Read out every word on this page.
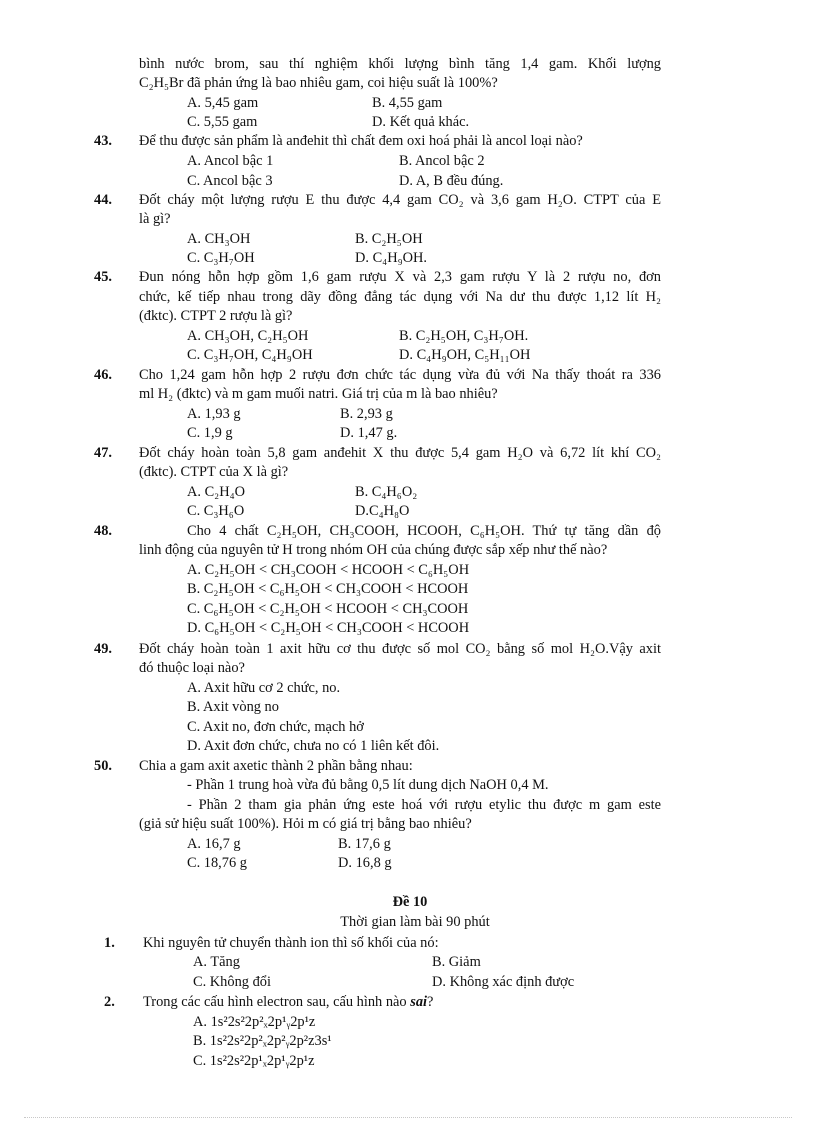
bình nước brom, sau thí nghiệm khối lượng bình tăng 1,4 gam. Khối lượng
C₂H₅Br đã phản ứng là bao nhiêu gam, coi hiệu suất là 100%?
A. 5,45 gam	B. 4,55 gam
C. 5,55 gam	D. Kết quả khác.
43. Để thu được sản phẩm là anđehit thì chất đem oxi hoá phải là ancol loại nào?
A. Ancol bậc 1	B. Ancol bậc 2
C. Ancol bậc 3	D. A, B đều đúng.
44. Đốt cháy một lượng rượu E thu được 4,4 gam CO₂ và 3,6 gam H₂O. CTPT của E
là gì?
A. CH₃OH	B. C₂H₅OH
C. C₃H₇OH	D. C₄H₉OH.
45. Đun nóng hỗn hợp gồm 1,6 gam rượu X và 2,3 gam rượu Y là 2 rượu no, đơn
chức, kế tiếp nhau trong dãy đồng đẳng tác dụng với Na dư thu được 1,12 lít H₂
(đktc). CTPT 2 rượu là gì?
A. CH₃OH, C₂H₅OH	B. C₂H₅OH, C₃H₇OH.
C. C₃H₇OH, C₄H₉OH	D. C₄H₉OH, C₅H₁₁OH
46. Cho 1,24 gam hỗn hợp 2 rượu đơn chức tác dụng vừa đủ với Na thấy thoát ra 336
ml H₂ (đktc) và m gam muối natri. Giá trị của m là bao nhiêu?
A. 1,93 g	B. 2,93 g
C. 1,9 g	D. 1,47 g.
47. Đốt cháy hoàn toàn 5,8 gam anđehit X thu được 5,4 gam H₂O và 6,72 lít khí CO₂
(đktc). CTPT của X là gì?
A. C₂H₄O	B. C₄H₆O₂
C. C₃H₆O	D.C₄H₈O
48.	Cho 4 chất C₂H₅OH, CH₃COOH, HCOOH, C₆H₅OH. Thứ tự tăng dần độ
linh động của nguyên tử H trong nhóm OH của chúng được sắp xếp như thế nào?
A. C₂H₅OH < CH₃COOH < HCOOH < C₆H₅OH
B. C₂H₅OH < C₆H₅OH < CH₃COOH < HCOOH
C. C₆H₅OH < C₂H₅OH < HCOOH < CH₃COOH
D. C₆H₅OH < C₂H₅OH < CH₃COOH < HCOOH
49. Đốt cháy hoàn toàn 1 axit hữu cơ thu được số mol CO₂ bằng số mol H₂O.Vậy axit
đó thuộc loại nào?
A. Axit hữu cơ 2 chức, no.
B. Axit vòng no
C. Axit no, đơn chức, mạch hở
D. Axit đơn chức, chưa no có 1 liên kết đôi.
50. Chia a gam axit axetic thành 2 phần bằng nhau:
- Phần 1 trung hoà vừa đủ bằng 0,5 lít dung dịch NaOH 0,4 M.
- Phần 2 tham gia phản ứng este hoá với rượu etylic thu được m gam este
(giả sử hiệu suất 100%). Hỏi m có giá trị bằng bao nhiêu?
A. 16,7 g	B. 17,6 g
C. 18,76 g	D. 16,8 g
Đề 10
Thời gian làm bài 90 phút
1. Khi nguyên tử chuyển thành ion thì số khối của nó:
A. Tăng	B. Giảm
C. Không đổi	D. Không xác định được
2. Trong các cấu hình electron sau, cấu hình nào sai?
A. 1s²2s²2p²ₓ2p¹ᵧ2p¹z
B. 1s²2s²2p²ₓ2p²ᵧ2p²z3s¹
C. 1s²2s²2p¹ₓ2p¹ᵧ2p¹z
